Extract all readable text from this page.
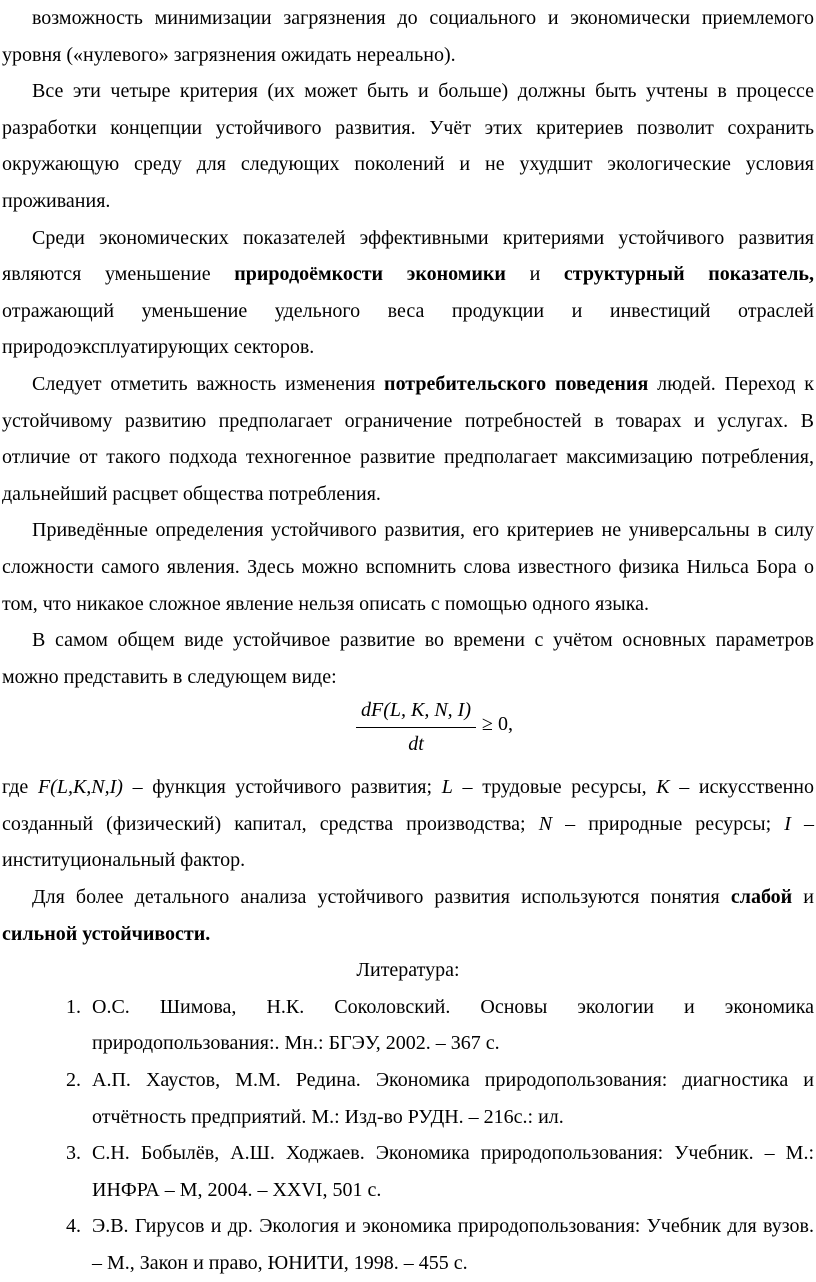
возможность минимизации загрязнения до социального и экономически приемлемого уровня («нулевого» загрязнения ожидать нереально).

Все эти четыре критерия (их может быть и больше) должны быть учтены в процессе разработки концепции устойчивого развития. Учёт этих критериев позволит сохранить окружающую среду для следующих поколений и не ухудшит экологические условия проживания.

Среди экономических показателей эффективными критериями устойчивого развития являются уменьшение природоёмкости экономики и структурный показатель, отражающий уменьшение удельного веса продукции и инвестиций отраслей природоэксплуатирующих секторов.

Следует отметить важность изменения потребительского поведения людей. Переход к устойчивому развитию предполагает ограничение потребностей в товарах и услугах. В отличие от такого подхода техногенное развитие предполагает максимизацию потребления, дальнейший расцвет общества потребления.

Приведённые определения устойчивого развития, его критериев не универсальны в силу сложности самого явления. Здесь можно вспомнить слова известного физика Нильса Бора о том, что никакое сложное явление нельзя описать с помощью одного языка.

В самом общем виде устойчивое развитие во времени с учётом основных параметров можно представить в следующем виде:

dF(L, K, N, I)
dt
≥ 0,

где F(L,K,N,I) – функция устойчивого развития; L – трудовые ресурсы, К – искусственно созданный (физический) капитал, средства производства; N – природные ресурсы; I – институциональный фактор.

Для более детального анализа устойчивого развития используются понятия слабой и сильной устойчивости.

Литература:

1. О.С. Шимова, Н.К. Соколовский. Основы экологии и экономика природопользования:. Мн.: БГЭУ, 2002. – 367 с.
2. А.П. Хаустов, М.М. Редина. Экономика природопользования: диагностика и отчётность предприятий. М.: Изд-во РУДН. – 216с.: ил.
3. С.Н. Бобылёв, А.Ш. Ходжаев. Экономика природопользования: Учебник. – М.: ИНФРА – М, 2004. – XXVI, 501 с.
4. Э.В. Гирусов и др. Экология и экономика природопользования: Учебник для вузов. – М., Закон и право, ЮНИТИ, 1998. – 455 с.
